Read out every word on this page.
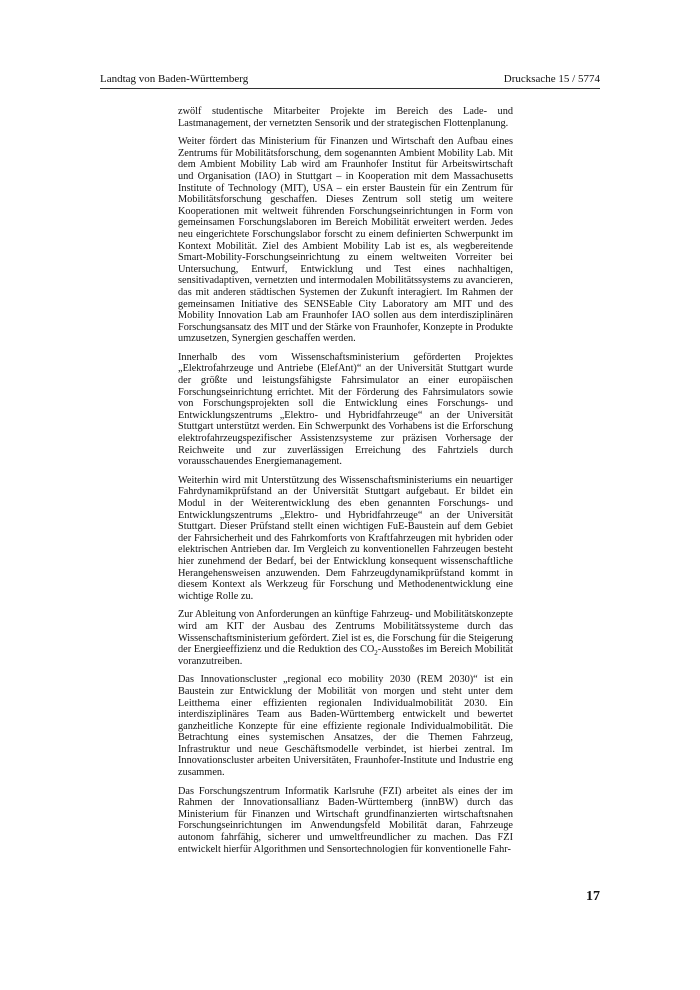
Landtag von Baden-Württemberg	Drucksache 15 / 5774

zwölf studentische Mitarbeiter Projekte im Bereich des Lade- und Lastmanagement, der vernetzten Sensorik und der strategischen Flottenplanung.

Weiter fördert das Ministerium für Finanzen und Wirtschaft den Aufbau eines Zentrums für Mobilitätsforschung, dem sogenannten Ambient Mobility Lab. Mit dem Ambient Mobility Lab wird am Fraunhofer Institut für Arbeitswirtschaft und Organisation (IAO) in Stuttgart – in Kooperation mit dem Massachusetts Institute of Technology (MIT), USA – ein erster Baustein für ein Zentrum für Mobilitätsforschung geschaffen. Dieses Zentrum soll stetig um weitere Kooperationen mit weltweit führenden Forschungseinrichtungen in Form von gemeinsamen Forschungslaboren im Bereich Mobilität erweitert werden. Jedes neu eingerichtete Forschungslabor forscht zu einem definierten Schwerpunkt im Kontext Mobilität. Ziel des Ambient Mobility Lab ist es, als wegbereitende Smart-Mobility-Forschungseinrichtung zu einem weltweiten Vorreiter bei Untersuchung, Entwurf, Entwicklung und Test eines nachhaltigen, sensitivadaptiven, vernetzten und intermodalen Mobilitätssystems zu avancieren, das mit anderen städtischen Systemen der Zukunft interagiert. Im Rahmen der gemeinsamen Initiative des SENSEable City Laboratory am MIT und des Mobility Innovation Lab am Fraunhofer IAO sollen aus dem interdisziplinären Forschungsansatz des MIT und der Stärke von Fraunhofer, Konzepte in Produkte umzusetzen, Synergien geschaffen werden.

Innerhalb des vom Wissenschaftsministerium geförderten Projektes „Elektrofahrzeuge und Antriebe (ElefAnt)“ an der Universität Stuttgart wurde der größte und leistungsfähigste Fahrsimulator an einer europäischen Forschungseinrichtung errichtet. Mit der Förderung des Fahrsimulators sowie von Forschungsprojekten soll die Entwicklung eines Forschungs- und Entwicklungszentrums „Elektro- und Hybridfahrzeuge“ an der Universität Stuttgart unterstützt werden. Ein Schwerpunkt des Vorhabens ist die Erforschung elektrofahrzeugspezifischer Assistenzsysteme zur präzisen Vorhersage der Reichweite und zur zuverlässigen Erreichung des Fahrtziels durch vorausschauendes Energiemanagement.

Weiterhin wird mit Unterstützung des Wissenschaftsministeriums ein neuartiger Fahrdynamikprüfstand an der Universität Stuttgart aufgebaut. Er bildet ein Modul in der Weiterentwicklung des eben genannten Forschungs- und Entwicklungszentrums „Elektro- und Hybridfahrzeuge“ an der Universität Stuttgart. Dieser Prüfstand stellt einen wichtigen FuE-Baustein auf dem Gebiet der Fahrsicherheit und des Fahrkomforts von Kraftfahrzeugen mit hybriden oder elektrischen Antrieben dar. Im Vergleich zu konventionellen Fahrzeugen besteht hier zunehmend der Bedarf, bei der Entwicklung konsequent wissenschaftliche Herangehensweisen anzuwenden. Dem Fahrzeugdynamikprüfstand kommt in diesem Kontext als Werkzeug für Forschung und Methodenentwicklung eine wichtige Rolle zu.

Zur Ableitung von Anforderungen an künftige Fahrzeug- und Mobilitätskonzepte wird am KIT der Ausbau des Zentrums Mobilitätssysteme durch das Wissenschaftsministerium gefördert. Ziel ist es, die Forschung für die Steigerung der Energieeffizienz und die Reduktion des $CO_2$-Ausstoßes im Bereich Mobilität voranzutreiben.

Das Innovationscluster „regional eco mobility 2030 (REM 2030)“ ist ein Baustein zur Entwicklung der Mobilität von morgen und steht unter dem Leitthema einer effizienten regionalen Individualmobilität 2030. Ein interdisziplinäres Team aus Baden-Württemberg entwickelt und bewertet ganzheitliche Konzepte für eine effiziente regionale Individualmobilität. Die Betrachtung eines systemischen Ansatzes, der die Themen Fahrzeug, Infrastruktur und neue Geschäftsmodelle verbindet, ist hierbei zentral. Im Innovationscluster arbeiten Universitäten, Fraunhofer-Institute und Industrie eng zusammen.

Das Forschungszentrum Informatik Karlsruhe (FZI) arbeitet als eines der im Rahmen der Innovationsallianz Baden-Württemberg (innBW) durch das Ministerium für Finanzen und Wirtschaft grundfinanzierten wirtschaftsnahen Forschungseinrichtungen im Anwendungsfeld Mobilität daran, Fahrzeuge autonom fahrfähig, sicherer und umweltfreundlicher zu machen. Das FZI entwickelt hierfür Algorithmen und Sensortechnologien für konventionelle Fahr-

17
